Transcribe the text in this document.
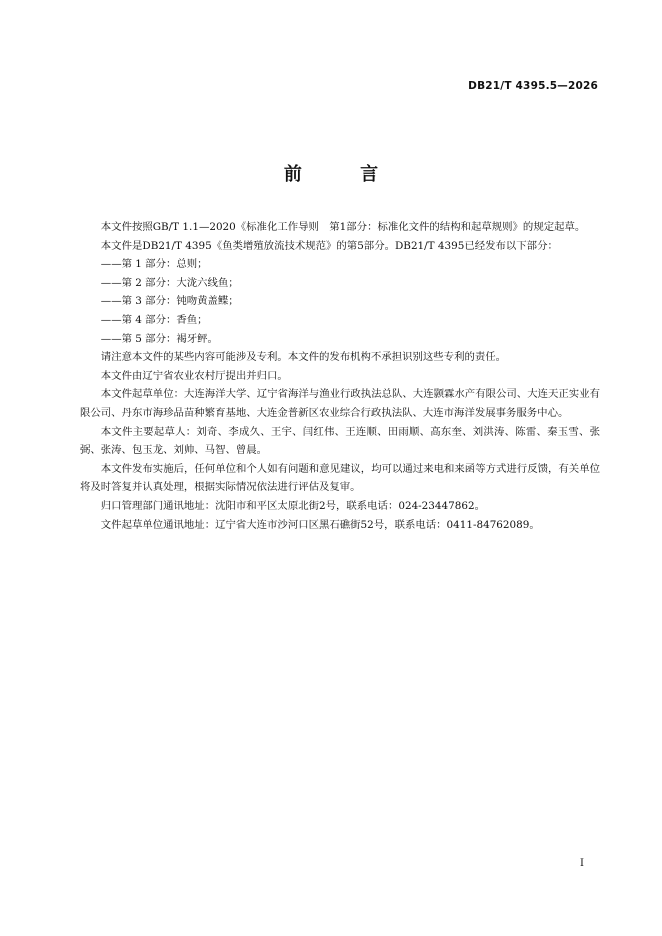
DB21/T 4395.5—2026
前 言

本文件按照GB/T 1.1—2020《标准化工作导则　第1部分：标准化文件的结构和起草规则》的规定起草。

本文件是DB21/T 4395《鱼类增殖放流技术规范》的第5部分。DB21/T 4395已经发布以下部分：

——第 1 部分：总则；

——第 2 部分：大泷六线鱼；

——第 3 部分：钝吻黄盖鲽；

——第 4 部分：香鱼；

——第 5 部分：褐牙鲆。

请注意本文件的某些内容可能涉及专利。本文件的发布机构不承担识别这些专利的责任。

本文件由辽宁省农业农村厅提出并归口。

本文件起草单位：大连海洋大学、辽宁省海洋与渔业行政执法总队、大连颢霖水产有限公司、大连天正实业有限公司、丹东市海珍品苗种繁育基地、大连金普新区农业综合行政执法队、大连市海洋发展事务服务中心。

本文件主要起草人：刘奇、李成久、王宇、闫红伟、王连顺、田雨顺、高东奎、刘洪涛、陈雷、秦玉雪、张弼、张涛、包玉龙、刘帅、马智、曾晨。

本文件发布实施后，任何单位和个人如有问题和意见建议，均可以通过来电和来函等方式进行反馈，有关单位将及时答复并认真处理，根据实际情况依法进行评估及复审。

归口管理部门通讯地址：沈阳市和平区太原北街2号，联系电话：024-23447862。

文件起草单位通讯地址：辽宁省大连市沙河口区黑石礁街52号，联系电话：0411-84762089。

I
